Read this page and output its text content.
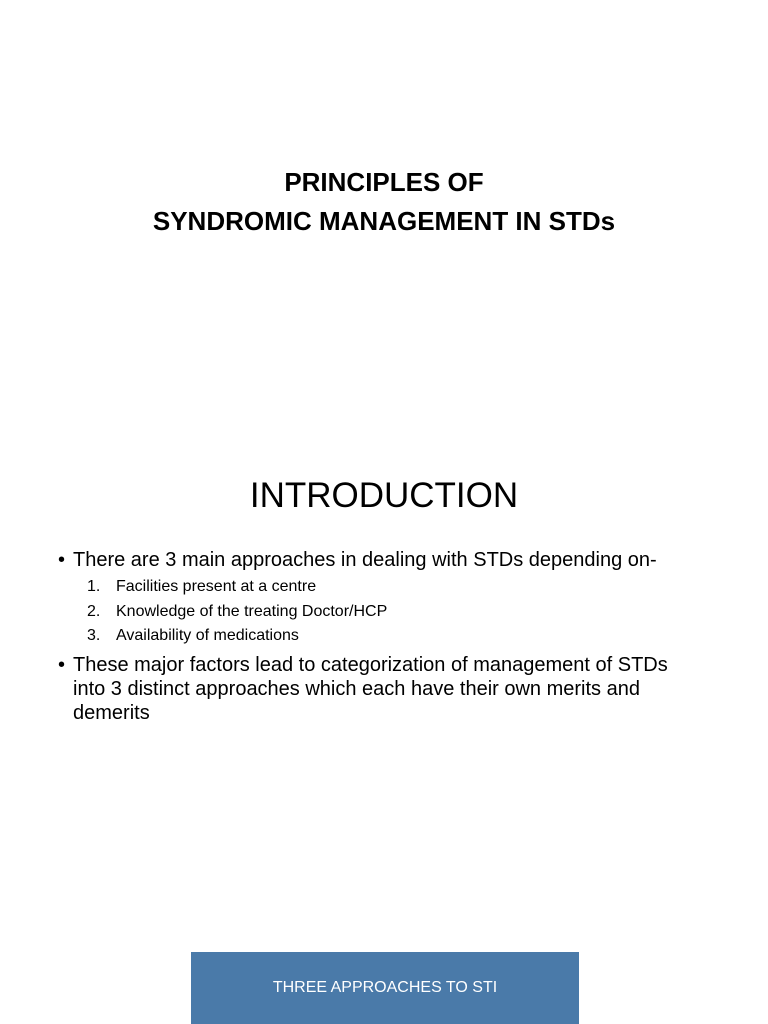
PRINCIPLES OF
SYNDROMIC MANAGEMENT IN STDs
INTRODUCTION
• There are 3 main approaches in dealing with STDs depending on-
1. Facilities present at a centre
2. Knowledge of the treating Doctor/HCP
3. Availability of medications
• These major factors lead to categorization of management of STDs into 3 distinct approaches which each have their own merits and demerits
THREE APPROACHES TO STI
